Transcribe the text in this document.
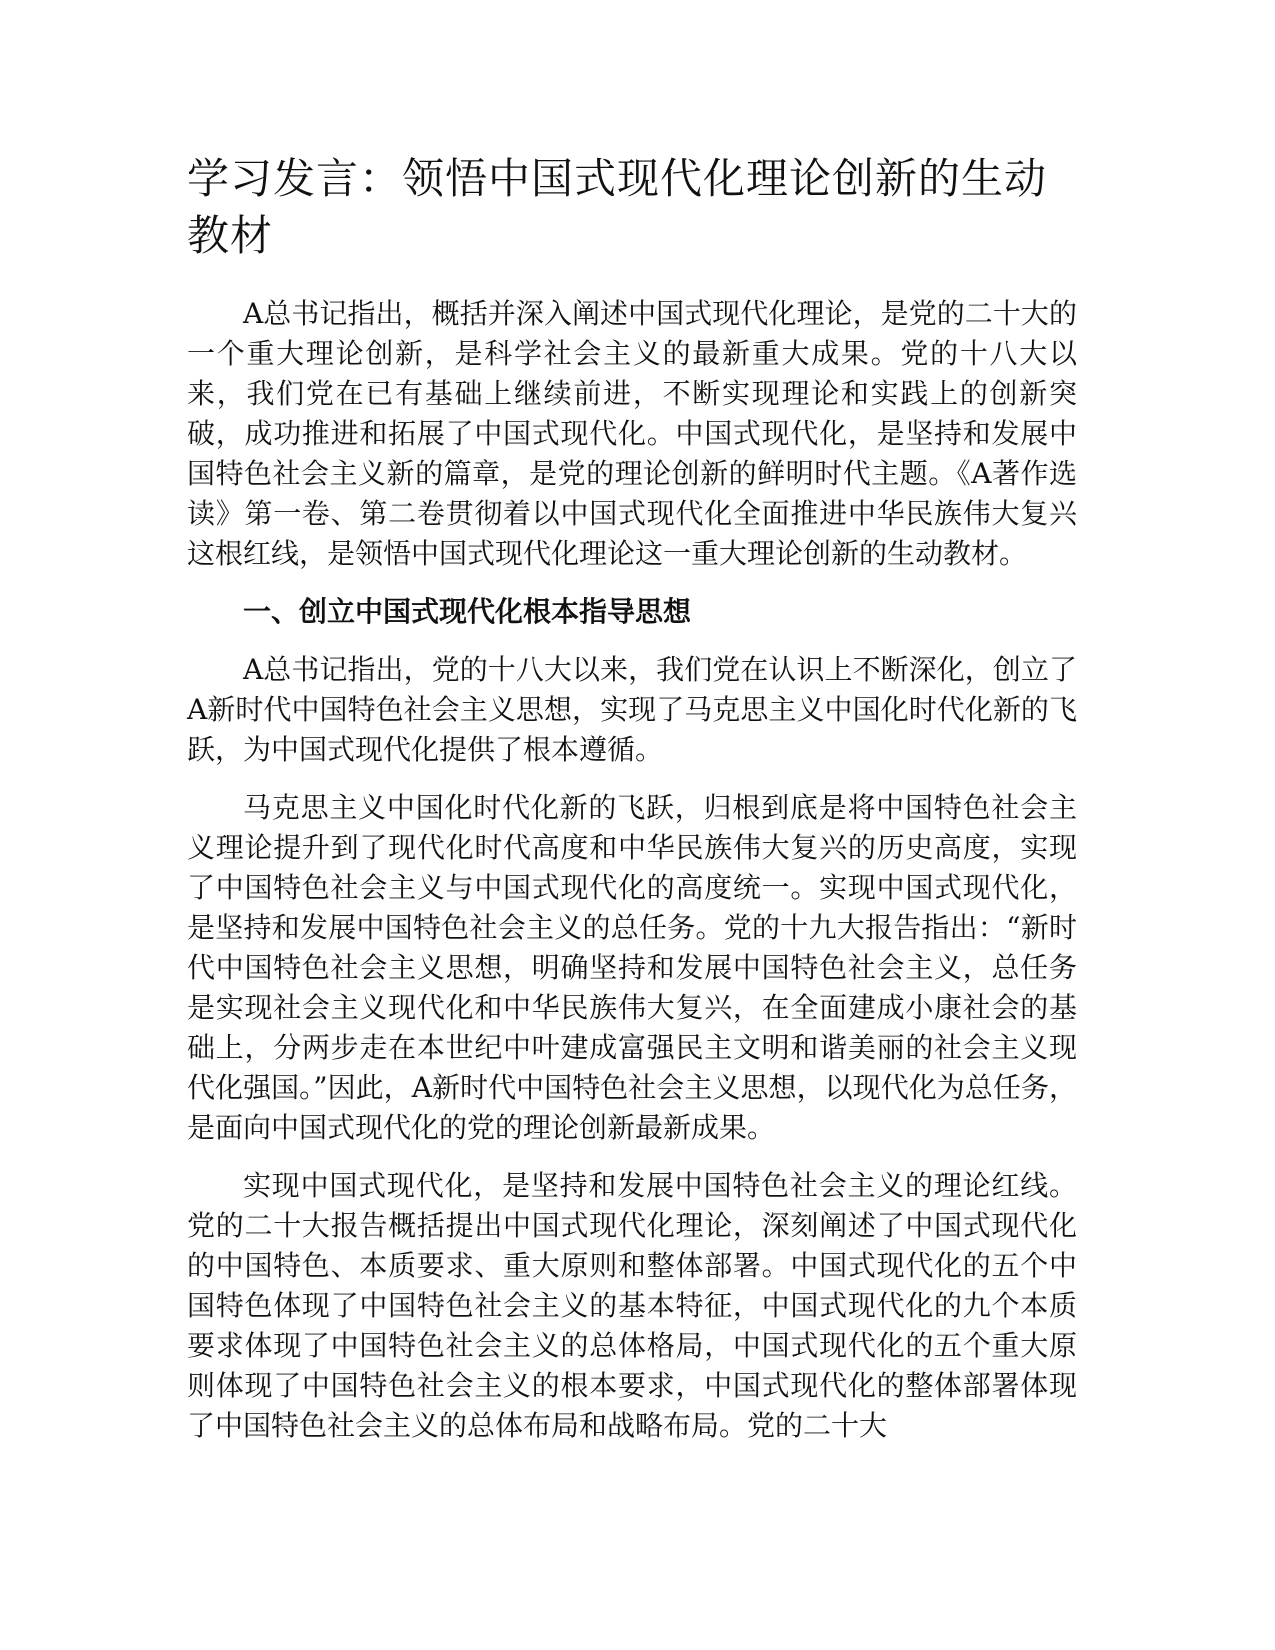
学习发言：领悟中国式现代化理论创新的生动教材

A总书记指出，概括并深入阐述中国式现代化理论，是党的二十大的一个重大理论创新，是科学社会主义的最新重大成果。党的十八大以来，我们党在已有基础上继续前进，不断实现理论和实践上的创新突破，成功推进和拓展了中国式现代化。中国式现代化，是坚持和发展中国特色社会主义新的篇章，是党的理论创新的鲜明时代主题。《A著作选读》第一卷、第二卷贯彻着以中国式现代化全面推进中华民族伟大复兴这根红线，是领悟中国式现代化理论这一重大理论创新的生动教材。

一、创立中国式现代化根本指导思想

A总书记指出，党的十八大以来，我们党在认识上不断深化，创立了A新时代中国特色社会主义思想，实现了马克思主义中国化时代化新的飞跃，为中国式现代化提供了根本遵循。

马克思主义中国化时代化新的飞跃，归根到底是将中国特色社会主义理论提升到了现代化时代高度和中华民族伟大复兴的历史高度，实现了中国特色社会主义与中国式现代化的高度统一。实现中国式现代化，是坚持和发展中国特色社会主义的总任务。党的十九大报告指出：“新时代中国特色社会主义思想，明确坚持和发展中国特色社会主义，总任务是实现社会主义现代化和中华民族伟大复兴，在全面建成小康社会的基础上，分两步走在本世纪中叶建成富强民主文明和谐美丽的社会主义现代化强国。”因此，A新时代中国特色社会主义思想，以现代化为总任务，是面向中国式现代化的党的理论创新最新成果。

实现中国式现代化，是坚持和发展中国特色社会主义的理论红线。党的二十大报告概括提出中国式现代化理论，深刻阐述了中国式现代化的中国特色、本质要求、重大原则和整体部署。中国式现代化的五个中国特色体现了中国特色社会主义的基本特征，中国式现代化的九个本质要求体现了中国特色社会主义的总体格局，中国式现代化的五个重大原则体现了中国特色社会主义的根本要求，中国式现代化的整体部署体现了中国特色社会主义的总体布局和战略布局。党的二十大
